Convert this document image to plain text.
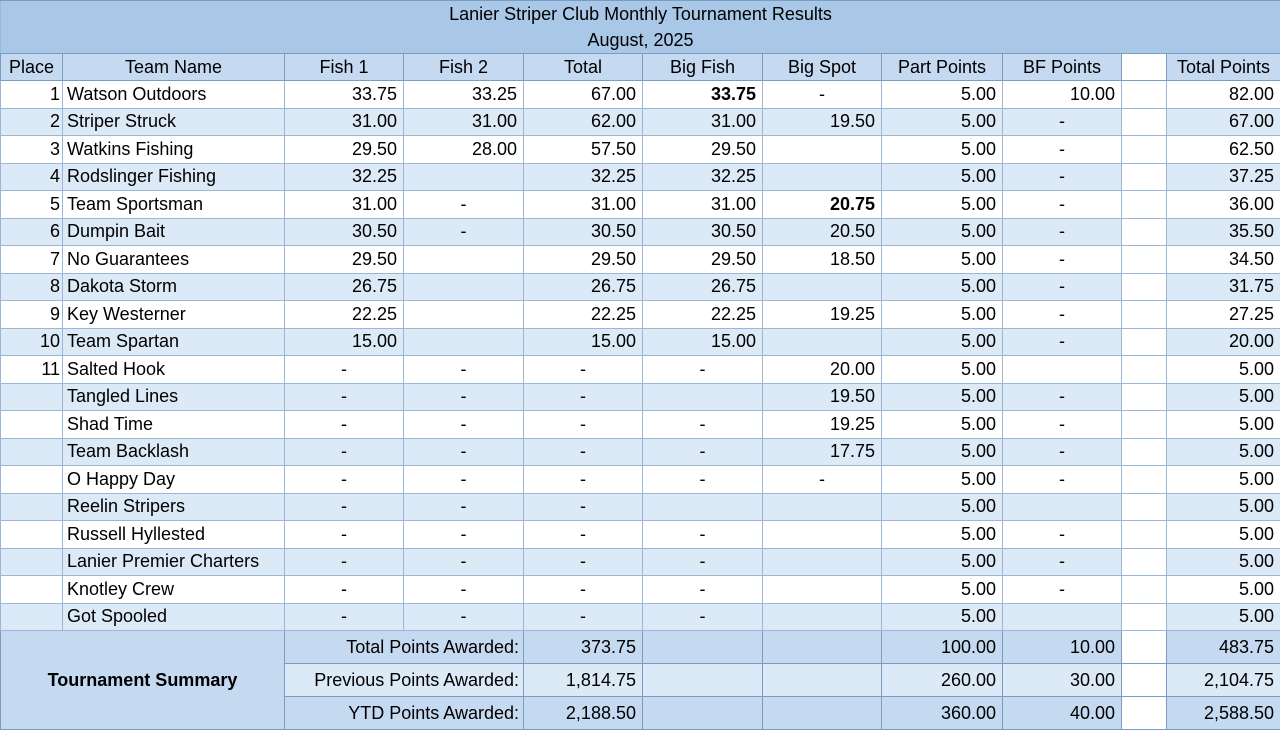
Lanier Striper Club Monthly Tournament Results										
August, 2025										
Place	Team Name	Fish 1	Fish 2	Total	Big Fish	Big Spot	Part Points	BF Points		Total Points
1	Watson Outdoors	33.75	33.25	67.00	33.75	-	5.00	10.00		82.00
2	Striper Struck	31.00	31.00	62.00	31.00	19.50	5.00	-		67.00
3	Watkins Fishing	29.50	28.00	57.50	29.50		5.00	-		62.50
4	Rodslinger Fishing	32.25		32.25	32.25		5.00	-		37.25
5	Team Sportsman	31.00	-	31.00	31.00	20.75	5.00	-		36.00
6	Dumpin Bait	30.50	-	30.50	30.50	20.50	5.00	-		35.50
7	No Guarantees	29.50		29.50	29.50	18.50	5.00	-		34.50
8	Dakota Storm	26.75		26.75	26.75		5.00	-		31.75
9	Key Westerner	22.25		22.25	22.25	19.25	5.00	-		27.25
10	Team Spartan	15.00		15.00	15.00		5.00	-		20.00
11	Salted Hook	-	-	-	-	20.00	5.00			5.00
	Tangled Lines	-	-	-		19.50	5.00	-		5.00
	Shad Time	-	-	-	-	19.25	5.00	-		5.00
	Team Backlash	-	-	-	-	17.75	5.00	-		5.00
	O Happy Day	-	-	-	-	-	5.00	-		5.00
	Reelin Stripers	-	-	-			5.00			5.00
	Russell Hyllested	-	-	-	-		5.00	-		5.00
	Lanier Premier Charters	-	-	-	-		5.00	-		5.00
	Knotley Crew	-	-	-	-		5.00	-		5.00
	Got Spooled	-	-	-	-		5.00			5.00
Tournament Summary		Total Points Awarded:		373.75			100.00	10.00		483.75
		Previous Points Awarded:		1,814.75			260.00	30.00		2,104.75
		YTD Points Awarded:		2,188.50			360.00	40.00		2,588.50
